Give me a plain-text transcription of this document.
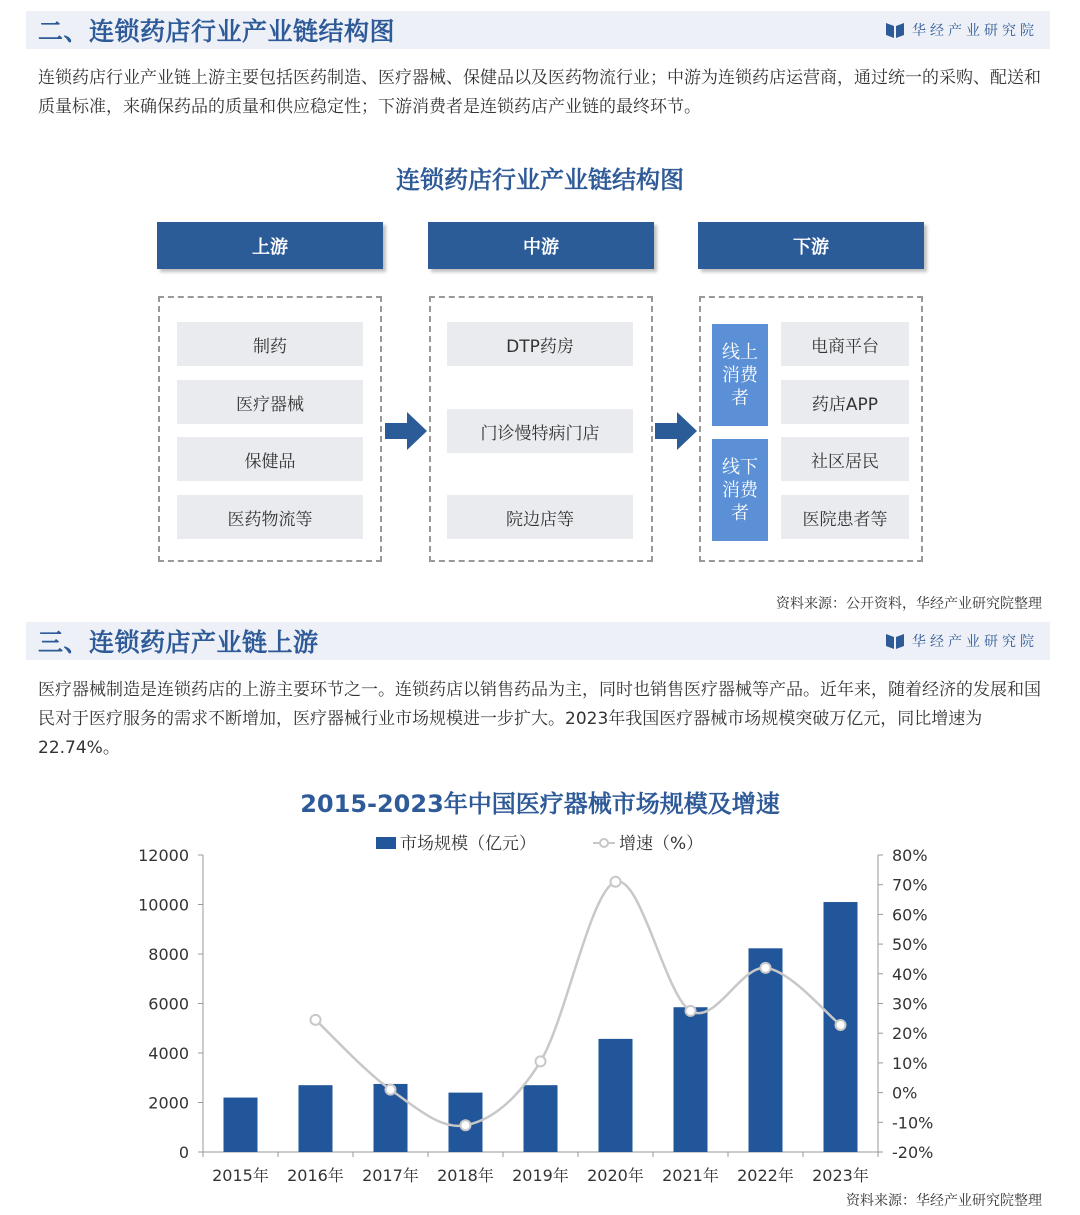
二、连锁药店行业产业链结构图	华经产业研究院

连锁药店行业产业链上游主要包括医药制造、医疗器械、保健品以及医药物流行业；中游为连锁药店运营商，通过统一的采购、配送和质量标准，来确保药品的质量和供应稳定性；下游消费者是连锁药店产业链的最终环节。

连锁药店行业产业链结构图
上游	中游	下游
制药
医疗器械
保健品
医药物流等
DTP药房
门诊慢特病门店
院边店等
线上消费者
线下消费者
电商平台
药店APP
社区居民
医院患者等
资料来源：公开资料，华经产业研究院整理
三、连锁药店产业链上游	华经产业研究院

医疗器械制造是连锁药店的上游主要环节之一。连锁药店以销售药品为主，同时也销售医疗器械等产品。近年来，随着经济的发展和国民对于医疗服务的需求不断增加，医疗器械行业市场规模进一步扩大。2023年我国医疗器械市场规模突破万亿元，同比增速为22.74%。

2015-2023年中国医疗器械市场规模及增速
0
2000
4000
6000
8000
10000
12000
-20%
-10%
0%
10%
20%
30%
40%
50%
60%
70%
80%
2015年 2016年 2017年 2018年 2019年 2020年 2021年 2022年 2023年
市场规模（亿元）	增速（%）
资料来源：华经产业研究院整理
